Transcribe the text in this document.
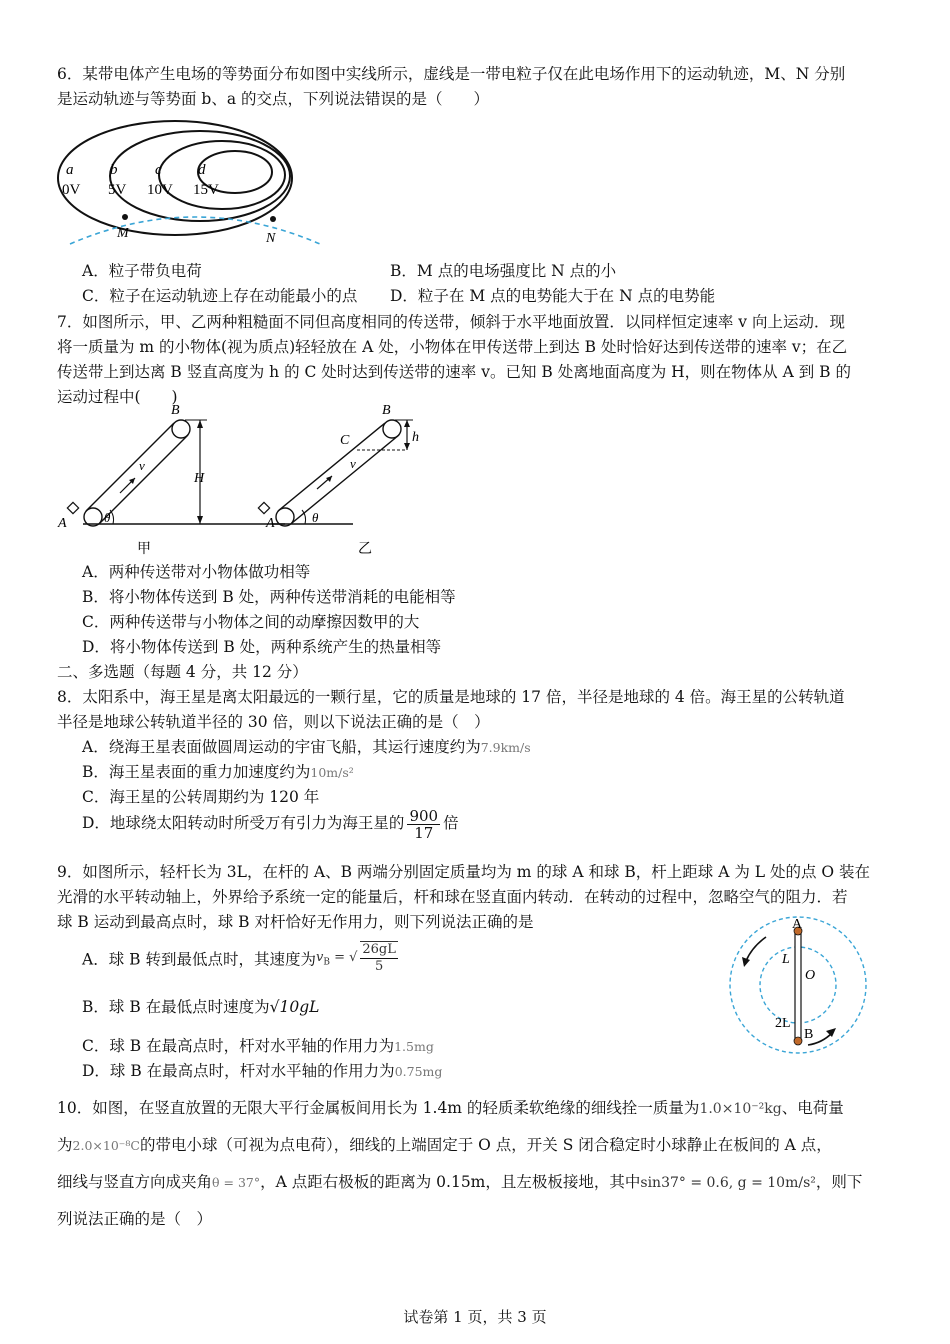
6．某带电体产生电场的等势面分布如图中实线所示，虚线是一带电粒子仅在此电场作用下的运动轨迹，M、N 分别
是运动轨迹与等势面 b、a 的交点，下列说法错误的是（　　）
a
0V
b
5V
c
10V
d
15V
M	N
A．粒子带负电荷	B．M 点的电场强度比 N 点的小
C．粒子在运动轨迹上存在动能最小的点 D．粒子在 M 点的电势能大于在 N 点的电势能
7．如图所示，甲、乙两种粗糙面不同但高度相同的传送带，倾斜于水平地面放置．以同样恒定速率 v 向上运动．现
将一质量为 m 的小物体(视为质点)轻轻放在 A 处，小物体在甲传送带上到达 B 处时恰好达到传送带的速率 v；在乙
传送带上到达离 B 竖直高度为 h 的 C 处时达到传送带的速率 v。已知 B 处离地面高度为 H，则在物体从 A 到 B 的
运动过程中(　　)
B
v
H
A	θ
甲
B
C	h
v
A	θ
乙
A．两种传送带对小物体做功相等
B．将小物体传送到 B 处，两种传送带消耗的电能相等
C．两种传送带与小物体之间的动摩擦因数甲的大
D．将小物体传送到 B 处，两种系统产生的热量相等
二、多选题（每题 4 分，共 12 分）
8．太阳系中，海王星是离太阳最远的一颗行星，它的质量是地球的 17 倍，半径是地球的 4 倍。海王星的公转轨道
半径是地球公转轨道半径的 30 倍，则以下说法正确的是（　）
A．绕海王星表面做圆周运动的宇宙飞船，其运行速度约为7.9km/s
B．海王星表面的重力加速度约为10m/s²
C．海王星的公转周期约为 120 年
D．地球绕太阳转动时所受万有引力为海王星的 $\frac{900}{17}$ 倍
9．如图所示，轻杆长为 3L，在杆的 A、B 两端分别固定质量均为 m 的球 A 和球 B，杆上距球 A 为 L 处的点 O 装在
光滑的水平转动轴上，外界给予系统一定的能量后，杆和球在竖直面内转动．在转动的过程中，忽略空气的阻力．若
球 B 运动到最高点时，球 B 对杆恰好无作用力，则下列说法正确的是
A．球 B 转到最低点时，其速度为$v_B$ = √ $\frac{26gL}{5}$
B．球 B 在最低点时速度为√10gL
C．球 B 在最高点时，杆对水平轴的作用力为1.5mg
D．球 B 在最高点时，杆对水平轴的作用力为0.75mg
A
L
O
2L
B
10．如图，在竖直放置的无限大平行金属板间用长为 1.4m 的轻质柔软绝缘的细线拴一质量为1.0×10⁻²kg、电荷量
为2.0×10⁻⁸C的带电小球（可视为点电荷），细线的上端固定于 O 点，开关 S 闭合稳定时小球静止在板间的 A 点，
细线与竖直方向成夹角θ = 37°，A 点距右极板的距离为 0.15m，且左极板接地，其中sin37° = 0.6, g = 10m/s²，则下
列说法正确的是（　）
试卷第 1 页，共 3 页
